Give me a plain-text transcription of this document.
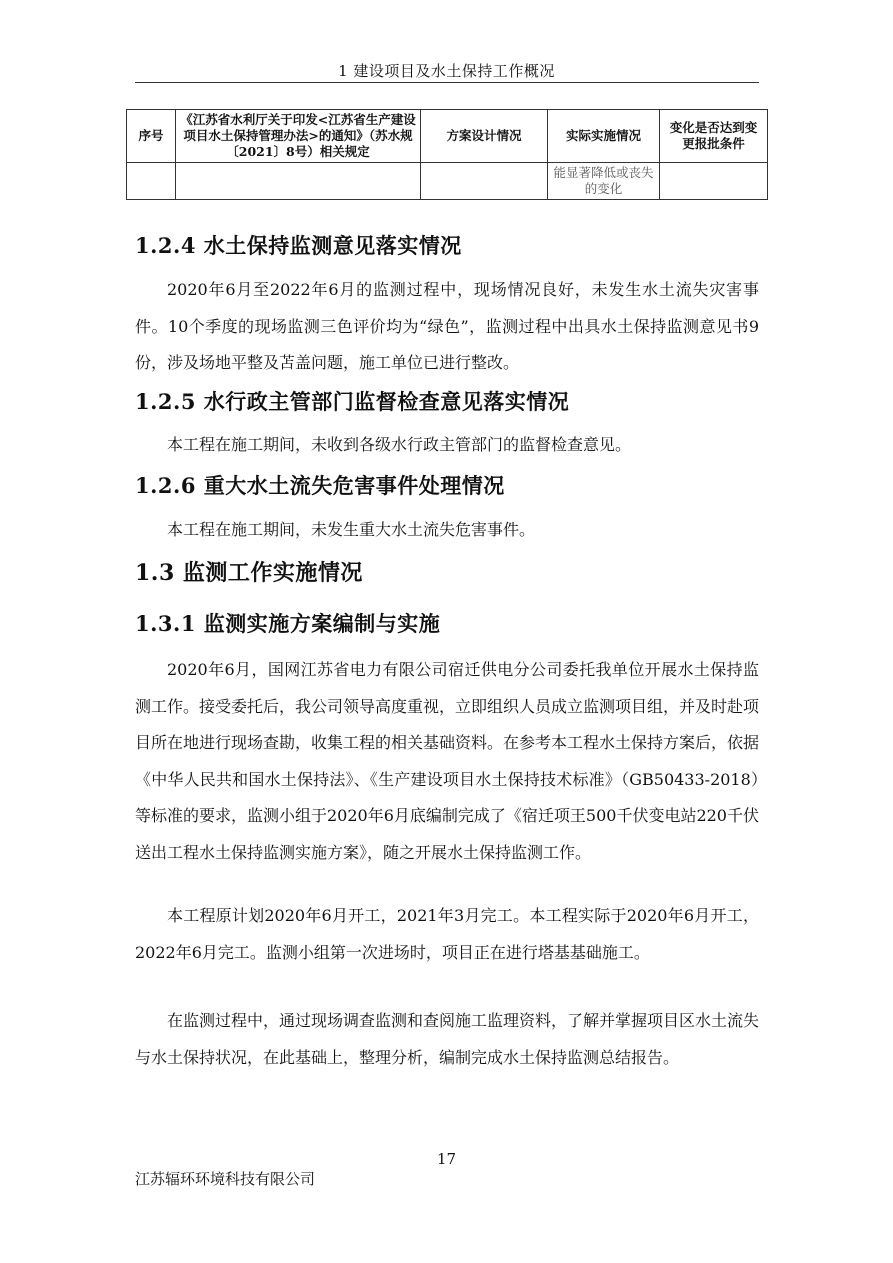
1 建设项目及水土保持工作概况
序号	《江苏省水利厅关于印发<江苏省生产建设项目水土保持管理办法>的通知》（苏水规〔2021〕8号）相关规定	方案设计情况	实际实施情况	变化是否达到变更报批条件
			能显著降低或丧失的变化	
1.2.4 水土保持监测意见落实情况

2020年6月至2022年6月的监测过程中，现场情况良好，未发生水土流失灾害事件。10个季度的现场监测三色评价均为“绿色”，监测过程中出具水土保持监测意见书9份，涉及场地平整及苫盖问题，施工单位已进行整改。

1.2.5 水行政主管部门监督检查意见落实情况

本工程在施工期间，未收到各级水行政主管部门的监督检查意见。

1.2.6 重大水土流失危害事件处理情况

本工程在施工期间，未发生重大水土流失危害事件。

1.3 监测工作实施情况
1.3.1 监测实施方案编制与实施

2020年6月，国网江苏省电力有限公司宿迁供电分公司委托我单位开展水土保持监测工作。接受委托后，我公司领导高度重视，立即组织人员成立监测项目组，并及时赴项目所在地进行现场查勘，收集工程的相关基础资料。在参考本工程水土保持方案后，依据《中华人民共和国水土保持法》、《生产建设项目水土保持技术标准》（GB50433-2018）等标准的要求，监测小组于2020年6月底编制完成了《宿迁项王500千伏变电站220千伏送出工程水土保持监测实施方案》，随之开展水土保持监测工作。

本工程原计划2020年6月开工，2021年3月完工。本工程实际于2020年6月开工，2022年6月完工。监测小组第一次进场时，项目正在进行塔基基础施工。

在监测过程中，通过现场调查监测和查阅施工监理资料，了解并掌握项目区水土流失与水土保持状况，在此基础上，整理分析，编制完成水土保持监测总结报告。

17
江苏辐环环境科技有限公司
